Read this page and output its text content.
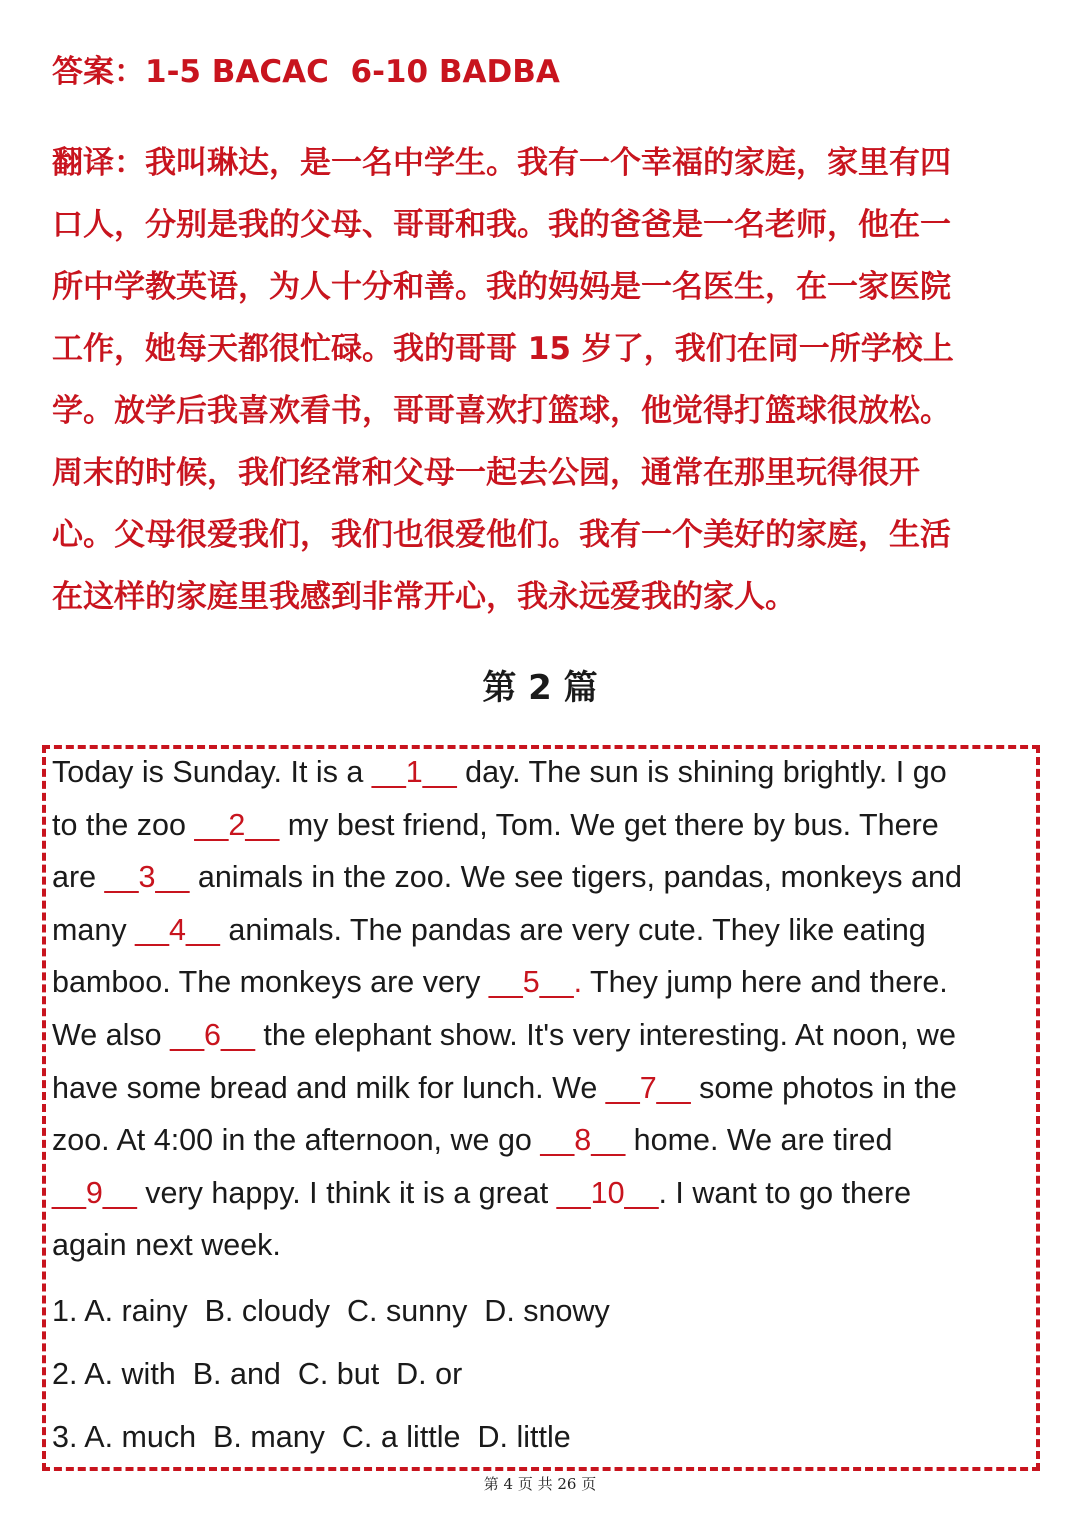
答案：1-5 BACAC  6-10 BADBA
翻译：我叫琳达，是一名中学生。我有一个幸福的家庭，家里有四
口人，分别是我的父母、哥哥和我。我的爸爸是一名老师，他在一
所中学教英语，为人十分和善。我的妈妈是一名医生，在一家医院
工作，她每天都很忙碌。我的哥哥 15 岁了，我们在同一所学校上
学。放学后我喜欢看书，哥哥喜欢打篮球，他觉得打篮球很放松。
周末的时候，我们经常和父母一起去公园，通常在那里玩得很开
心。父母很爱我们，我们也很爱他们。我有一个美好的家庭，生活
在这样的家庭里我感到非常开心，我永远爱我的家人。
第 2 篇
Today is Sunday. It is a __1__ day. The sun is shining brightly. I go
to the zoo __2__ my best friend, Tom. We get there by bus. There
are __3__ animals in the zoo. We see tigers, pandas, monkeys and
many __4__ animals. The pandas are very cute. They like eating
bamboo. The monkeys are very __5__. They jump here and there.
We also __6__ the elephant show. It's very interesting. At noon, we
have some bread and milk for lunch. We __7__ some photos in the
zoo. At 4:00 in the afternoon, we go __8__ home. We are tired
__9__ very happy. I think it is a great __10__. I want to go there
again next week.
1. A. rainy  B. cloudy  C. sunny  D. snowy
2. A. with  B. and  C. but  D. or
3. A. much  B. many  C. a little  D. little
第 4 页 共 26 页
